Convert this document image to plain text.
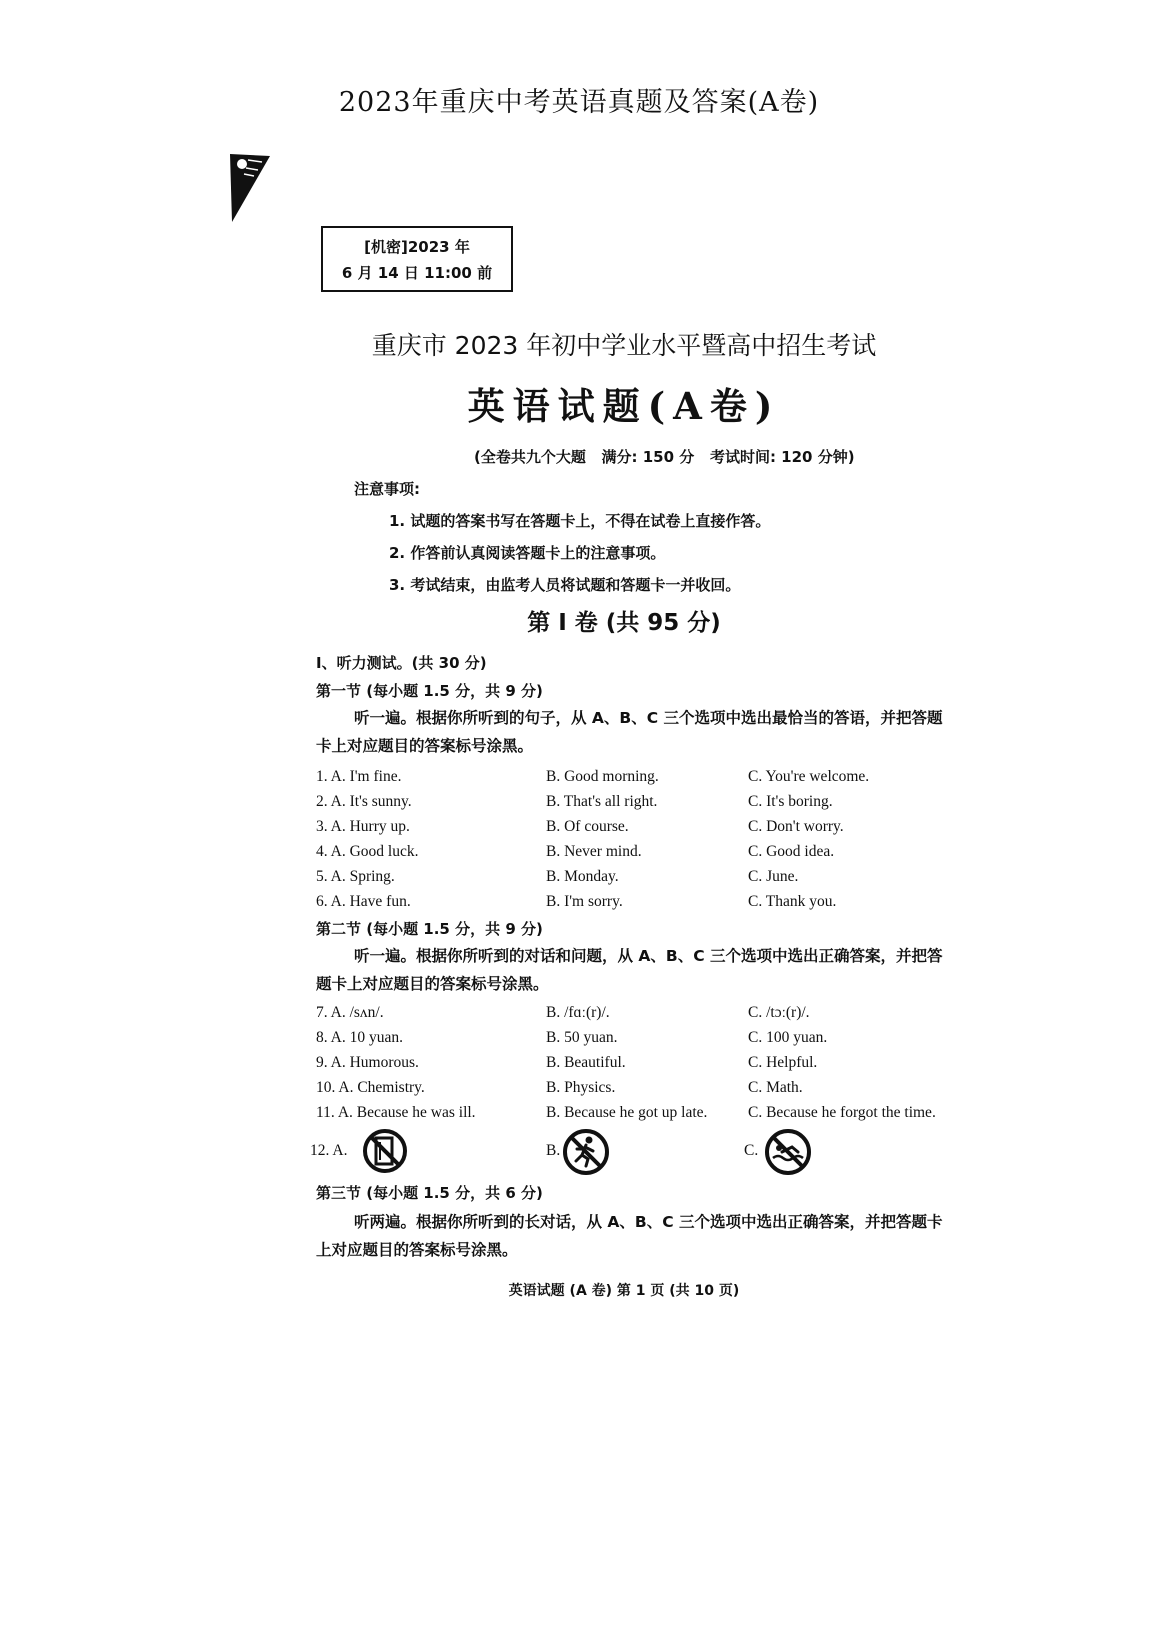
2023年重庆中考英语真题及答案(A卷)
[机密]2023 年
6 月 14 日 11:00 前
重庆市 2023 年初中学业水平暨高中招生考试
英语试题(A卷)
(全卷共九个大题   满分: 150 分   考试时间: 120 分钟)
注意事项:
1. 试题的答案书写在答题卡上，不得在试卷上直接作答。
2. 作答前认真阅读答题卡上的注意事项。
3. 考试结束，由监考人员将试题和答题卡一并收回。
第 I 卷 (共 95 分)
I、听力测试。(共 30 分)
第一节 (每小题 1.5 分，共 9 分)
听一遍。根据你所听到的句子，从 A、B、C 三个选项中选出最恰当的答语，并把答题
卡上对应题目的答案标号涂黑。
1. A. I'm fine.	B. Good morning.	C. You're welcome.
2. A. It's sunny.	B. That's all right.	C. It's boring.
3. A. Hurry up.	B. Of course.	C. Don't worry.
4. A. Good luck.	B. Never mind.	C. Good idea.
5. A. Spring.	B. Monday.	C. June.
6. A. Have fun.	B. I'm sorry.	C. Thank you.
第二节 (每小题 1.5 分，共 9 分)
听一遍。根据你所听到的对话和问题，从 A、B、C 三个选项中选出正确答案，并把答
题卡上对应题目的答案标号涂黑。
7. A. /sʌn/.	B. /fɑː(r)/.	C. /tɔː(r)/.
8. A. 10 yuan.	B. 50 yuan.	C. 100 yuan.
9. A. Humorous.	B. Beautiful.	C. Helpful.
10. A. Chemistry.	B. Physics.	C. Math.
11. A. Because he was ill.	B. Because he got up late.	C. Because he forgot the time.
12. A.	B.	C.
第三节 (每小题 1.5 分，共 6 分)
听两遍。根据你所听到的长对话，从 A、B、C 三个选项中选出正确答案，并把答题卡
上对应题目的答案标号涂黑。
英语试题 (A 卷) 第 1 页 (共 10 页)
